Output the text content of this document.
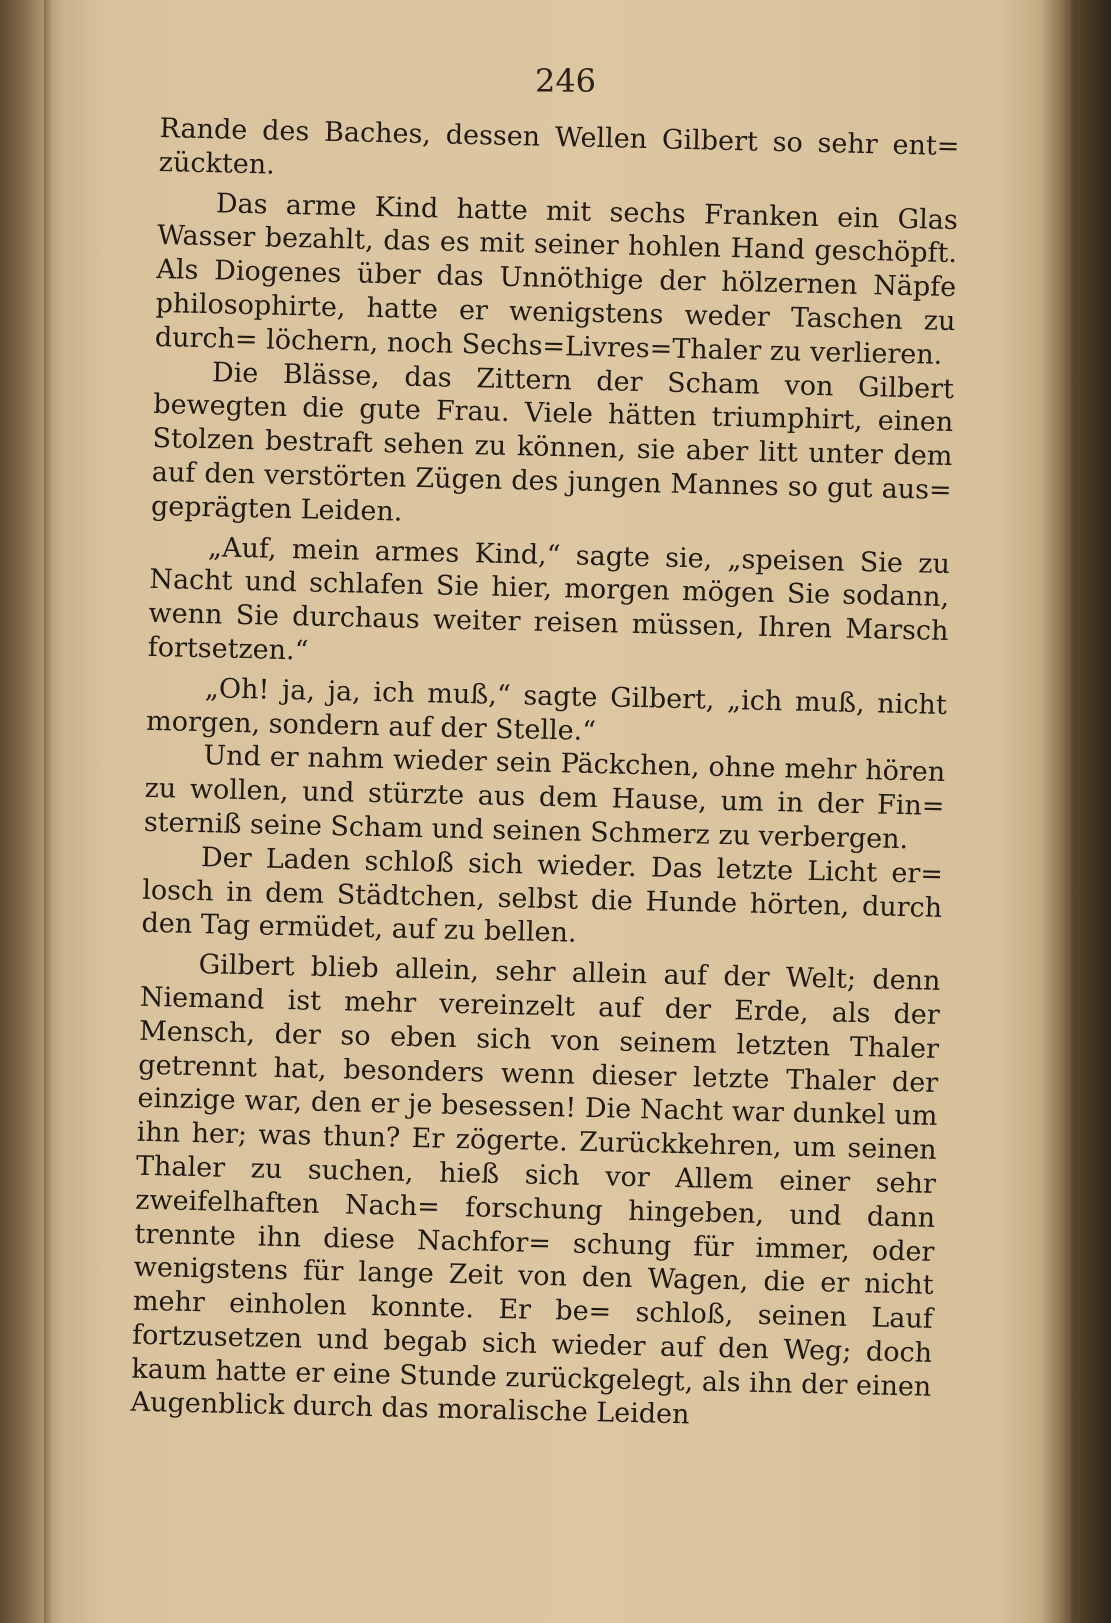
246

Rande des Baches, dessen Wellen Gilbert so sehr ent= zückten.

Das arme Kind hatte mit sechs Franken ein Glas Wasser bezahlt, das es mit seiner hohlen Hand geschöpft. Als Diogenes über das Unnöthige der hölzernen Näpfe philosophirte, hatte er wenigstens weder Taschen zu durch= löchern, noch Sechs=Livres=Thaler zu verlieren.

Die Blässe, das Zittern der Scham von Gilbert bewegten die gute Frau. Viele hätten triumphirt, einen Stolzen bestraft sehen zu können, sie aber litt unter dem auf den verstörten Zügen des jungen Mannes so gut aus= geprägten Leiden.

„Auf, mein armes Kind,“ sagte sie, „speisen Sie zu Nacht und schlafen Sie hier, morgen mögen Sie sodann, wenn Sie durchaus weiter reisen müssen, Ihren Marsch fortsetzen.“

„Oh! ja, ja, ich muß,“ sagte Gilbert, „ich muß, nicht morgen, sondern auf der Stelle.“

Und er nahm wieder sein Päckchen, ohne mehr hören zu wollen, und stürzte aus dem Hause, um in der Fin= sterniß seine Scham und seinen Schmerz zu verbergen.

Der Laden schloß sich wieder. Das letzte Licht er= losch in dem Städtchen, selbst die Hunde hörten, durch den Tag ermüdet, auf zu bellen.

Gilbert blieb allein, sehr allein auf der Welt; denn Niemand ist mehr vereinzelt auf der Erde, als der Mensch, der so eben sich von seinem letzten Thaler getrennt hat, besonders wenn dieser letzte Thaler der einzige war, den er je besessen! Die Nacht war dunkel um ihn her; was thun? Er zögerte. Zurückkehren, um seinen Thaler zu suchen, hieß sich vor Allem einer sehr zweifelhaften Nach= forschung hingeben, und dann trennte ihn diese Nachfor= schung für immer, oder wenigstens für lange Zeit von den Wagen, die er nicht mehr einholen konnte. Er be= schloß, seinen Lauf fortzusetzen und begab sich wieder auf den Weg; doch kaum hatte er eine Stunde zurückgelegt, als ihn der einen Augenblick durch das moralische Leiden
